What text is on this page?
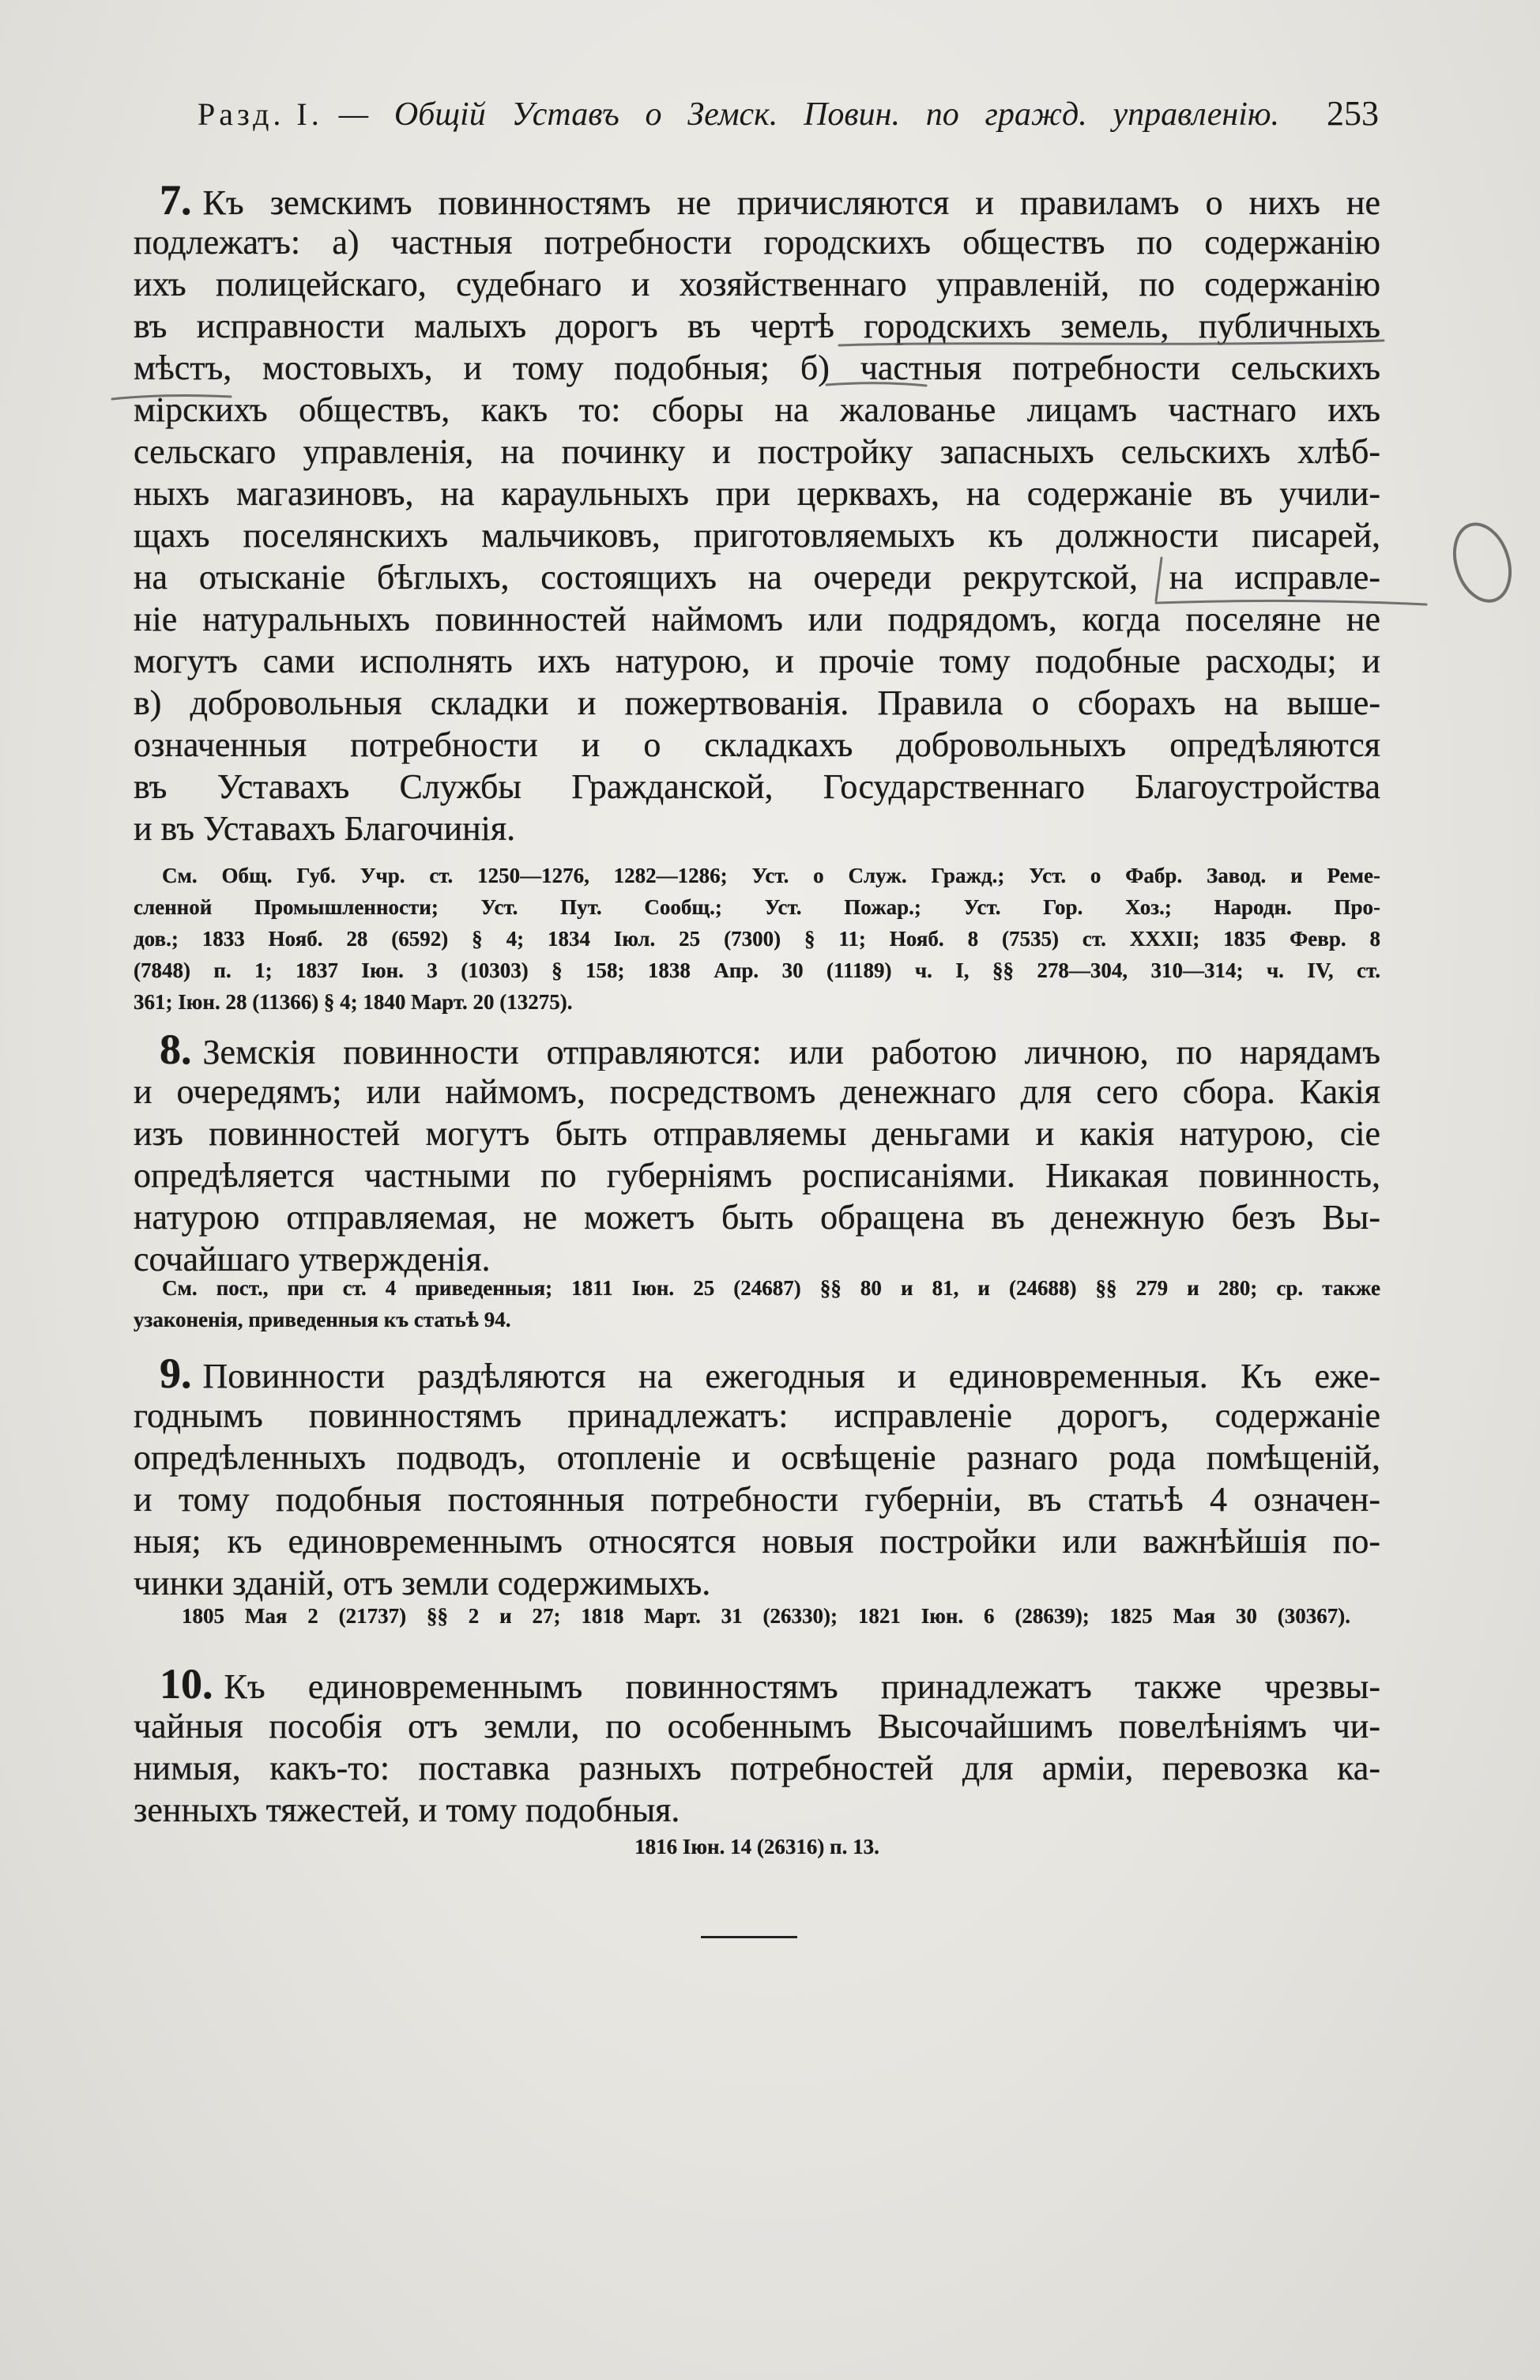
Разд. I. — Общій Уставъ о Земск. Повин. по гражд. управленію. 253
7. Къ земскимъ повинностямъ не причисляются и правиламъ о нихъ не
подлежатъ: а) частныя потребности городскихъ обществъ по содержанію
ихъ полицейскаго, судебнаго и хозяйственнаго управленій, по содержанію
въ исправности малыхъ дорогъ въ чертѣ городскихъ земель, публичныхъ
мѣстъ, мостовыхъ, и тому подобныя; б) частныя потребности сельскихъ
мірскихъ обществъ, какъ то: сборы на жалованье лицамъ частнаго ихъ
сельскаго управленія, на починку и постройку запасныхъ сельскихъ хлѣб-
ныхъ магазиновъ, на караульныхъ при церквахъ, на содержаніе въ учили-
щахъ поселянскихъ мальчиковъ, приготовляемыхъ къ должности писарей,
на отысканіе бѣглыхъ, состоящихъ на очереди рекрутской, на исправле-
ніе натуральныхъ повинностей наймомъ или подрядомъ, когда поселяне не
могутъ сами исполнять ихъ натурою, и прочіе тому подобные расходы; и
в) добровольныя складки и пожертвованія. Правила о сборахъ на выше-
означенныя потребности и о складкахъ добровольныхъ опредѣляются
въ Уставахъ Службы Гражданской, Государственнаго Благоустройства
и въ Уставахъ Благочинія.
См. Общ. Губ. Учр. ст. 1250—1276, 1282—1286; Уст. о Служ. Гражд.; Уст. о Фабр. Завод. и Реме-
сленной Промышленности; Уст. Пут. Сообщ.; Уст. Пожар.; Уст. Гор. Хоз.; Народн. Про-
дов.; 1833 Нояб. 28 (6592) § 4; 1834 Іюл. 25 (7300) § 11; Нояб. 8 (7535) ст. XXXII; 1835 Февр. 8
(7848) п. 1; 1837 Іюн. 3 (10303) § 158; 1838 Апр. 30 (11189) ч. I, §§ 278—304, 310—314; ч. IV, ст.
361; Іюн. 28 (11366) § 4; 1840 Март. 20 (13275).
8. Земскія повинности отправляются: или работою личною, по нарядамъ
и очередямъ; или наймомъ, посредствомъ денежнаго для сего сбора. Какія
изъ повинностей могутъ быть отправляемы деньгами и какія натурою, сіе
опредѣляется частными по губерніямъ росписаніями. Никакая повинность,
натурою отправляемая, не можетъ быть обращена въ денежную безъ Вы-
сочайшаго утвержденія.
См. пост., при ст. 4 приведенныя; 1811 Іюн. 25 (24687) §§ 80 и 81, и (24688) §§ 279 и 280; ср. также
узаконенія, приведенныя къ статьѣ 94.
9. Повинности раздѣляются на ежегодныя и единовременныя. Къ еже-
годнымъ повинностямъ принадлежатъ: исправленіе дорогъ, содержаніе
опредѣленныхъ подводъ, отопленіе и освѣщеніе разнаго рода помѣщеній,
и тому подобныя постоянныя потребности губерніи, въ статьѣ 4 означен-
ныя; къ единовременнымъ относятся новыя постройки или важнѣйшія по-
чинки зданій, отъ земли содержимыхъ.
1805 Мая 2 (21737) §§ 2 и 27; 1818 Март. 31 (26330); 1821 Іюн. 6 (28639); 1825 Мая 30 (30367).
10. Къ единовременнымъ повинностямъ принадлежатъ также чрезвы-
чайныя пособія отъ земли, по особеннымъ Высочайшимъ повелѣніямъ чи-
нимыя, какъ-то: поставка разныхъ потребностей для арміи, перевозка ка-
зенныхъ тяжестей, и тому подобныя.
1816 Іюн. 14 (26316) п. 13.
